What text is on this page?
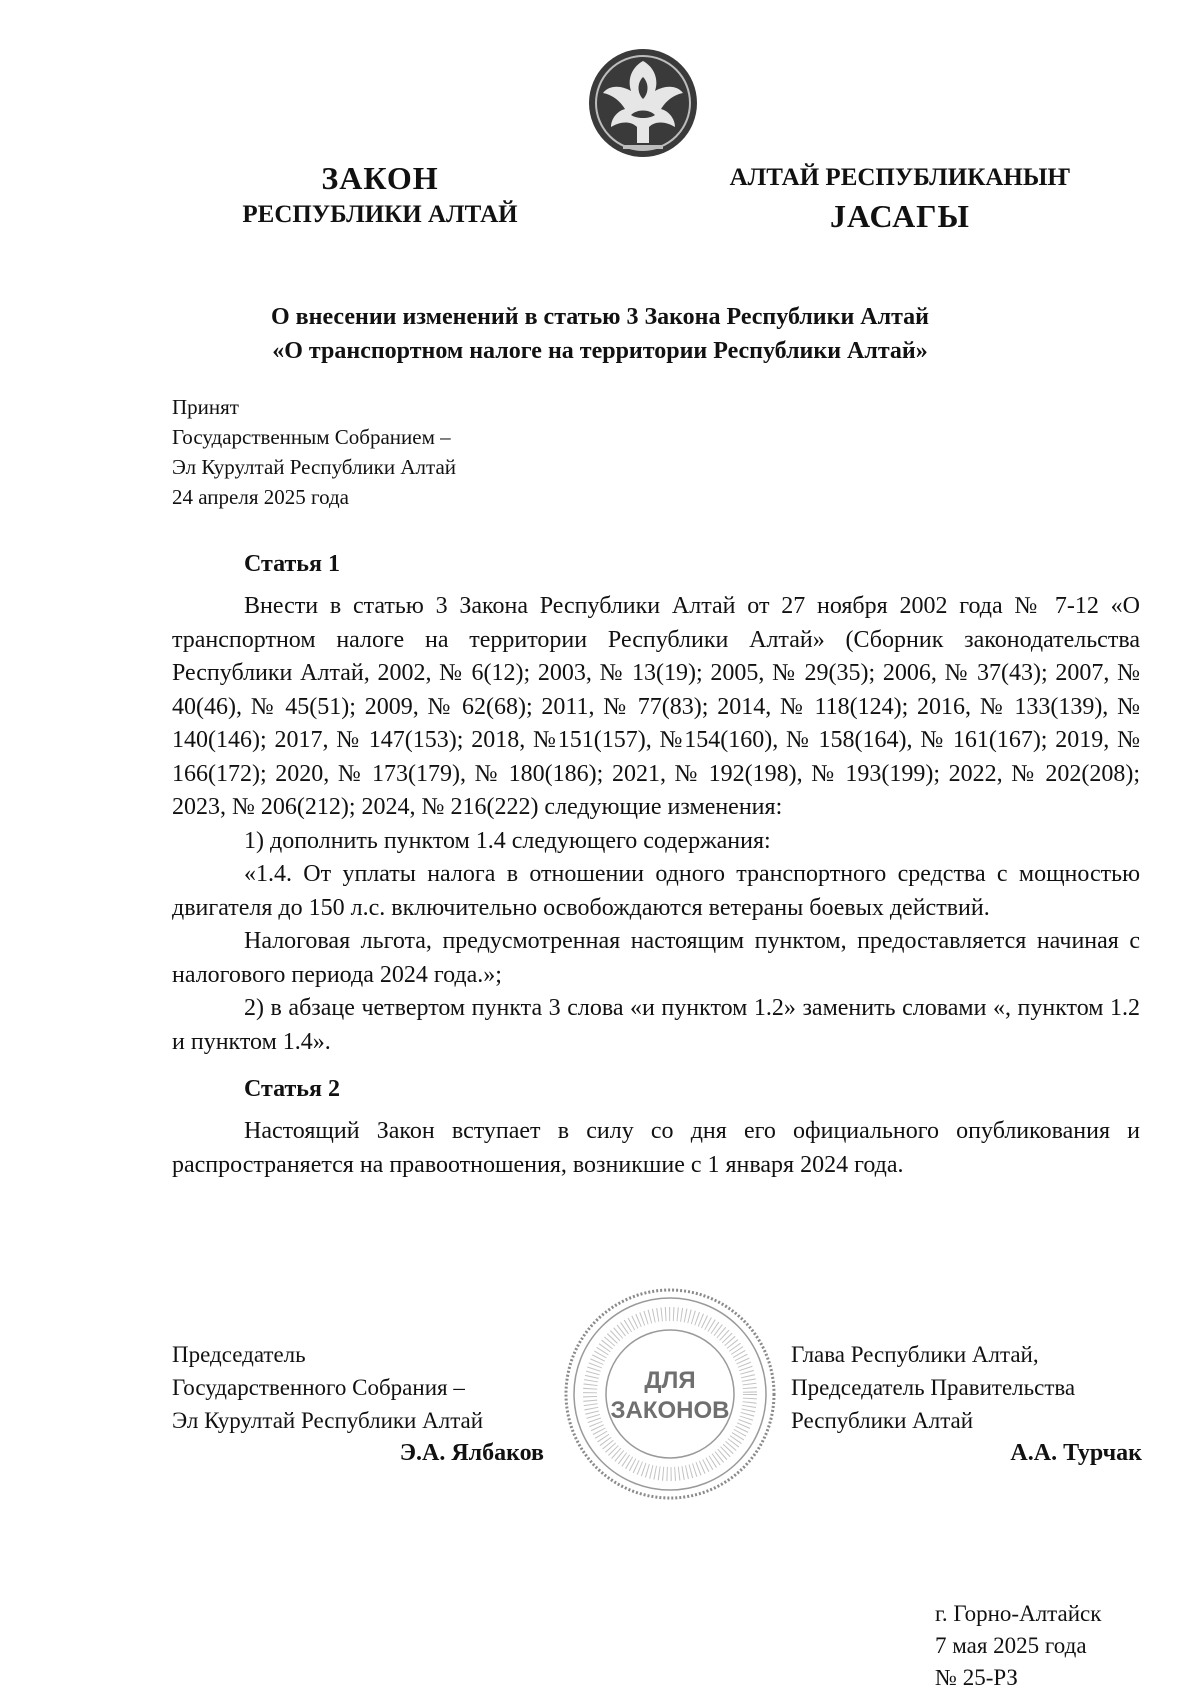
ЗАКОН
РЕСПУБЛИКИ АЛТАЙ
АЛТАЙ РЕСПУБЛИКАНЫҤ
JАСАГЫ
О внесении изменений в статью 3 Закона Республики Алтай
«О транспортном налоге на территории Республики Алтай»
Принят
Государственным Собранием –
Эл Курултай Республики Алтай
24 апреля 2025 года
Статья 1

Внести в статью 3 Закона Республики Алтай от 27 ноября 2002 года № 7-12 «О транспортном налоге на территории Республики Алтай» (Сборник законодательства Республики Алтай, 2002, № 6(12); 2003, № 13(19); 2005, № 29(35); 2006, № 37(43); 2007, № 40(46), № 45(51); 2009, № 62(68); 2011, № 77(83); 2014, № 118(124); 2016, № 133(139), № 140(146); 2017, № 147(153); 2018, №151(157), №154(160), № 158(164), № 161(167); 2019, № 166(172); 2020, № 173(179), № 180(186); 2021, № 192(198), № 193(199); 2022, № 202(208); 2023, № 206(212); 2024, № 216(222) следующие изменения:

1) дополнить пунктом 1.4 следующего содержания:

«1.4. От уплаты налога в отношении одного транспортного средства с мощностью двигателя до 150 л.с. включительно освобождаются ветераны боевых действий.

Налоговая льгота, предусмотренная настоящим пунктом, предоставляется начиная с налогового периода 2024 года.»;

2) в абзаце четвертом пункта 3 слова «и пунктом 1.2» заменить словами «, пунктом 1.2 и пунктом 1.4».

Статья 2

Настоящий Закон вступает в силу со дня его официального опубликования и распространяется на правоотношения, возникшие с 1 января 2024 года.

ДЛЯ
ЗАКОНОВ
Председатель
Государственного Собрания –
Эл Курултай Республики Алтай
Э.А. Ялбаков
Глава Республики Алтай,
Председатель Правительства
Республики Алтай
А.А. Турчак
г. Горно-Алтайск
7 мая 2025 года
№ 25-РЗ
